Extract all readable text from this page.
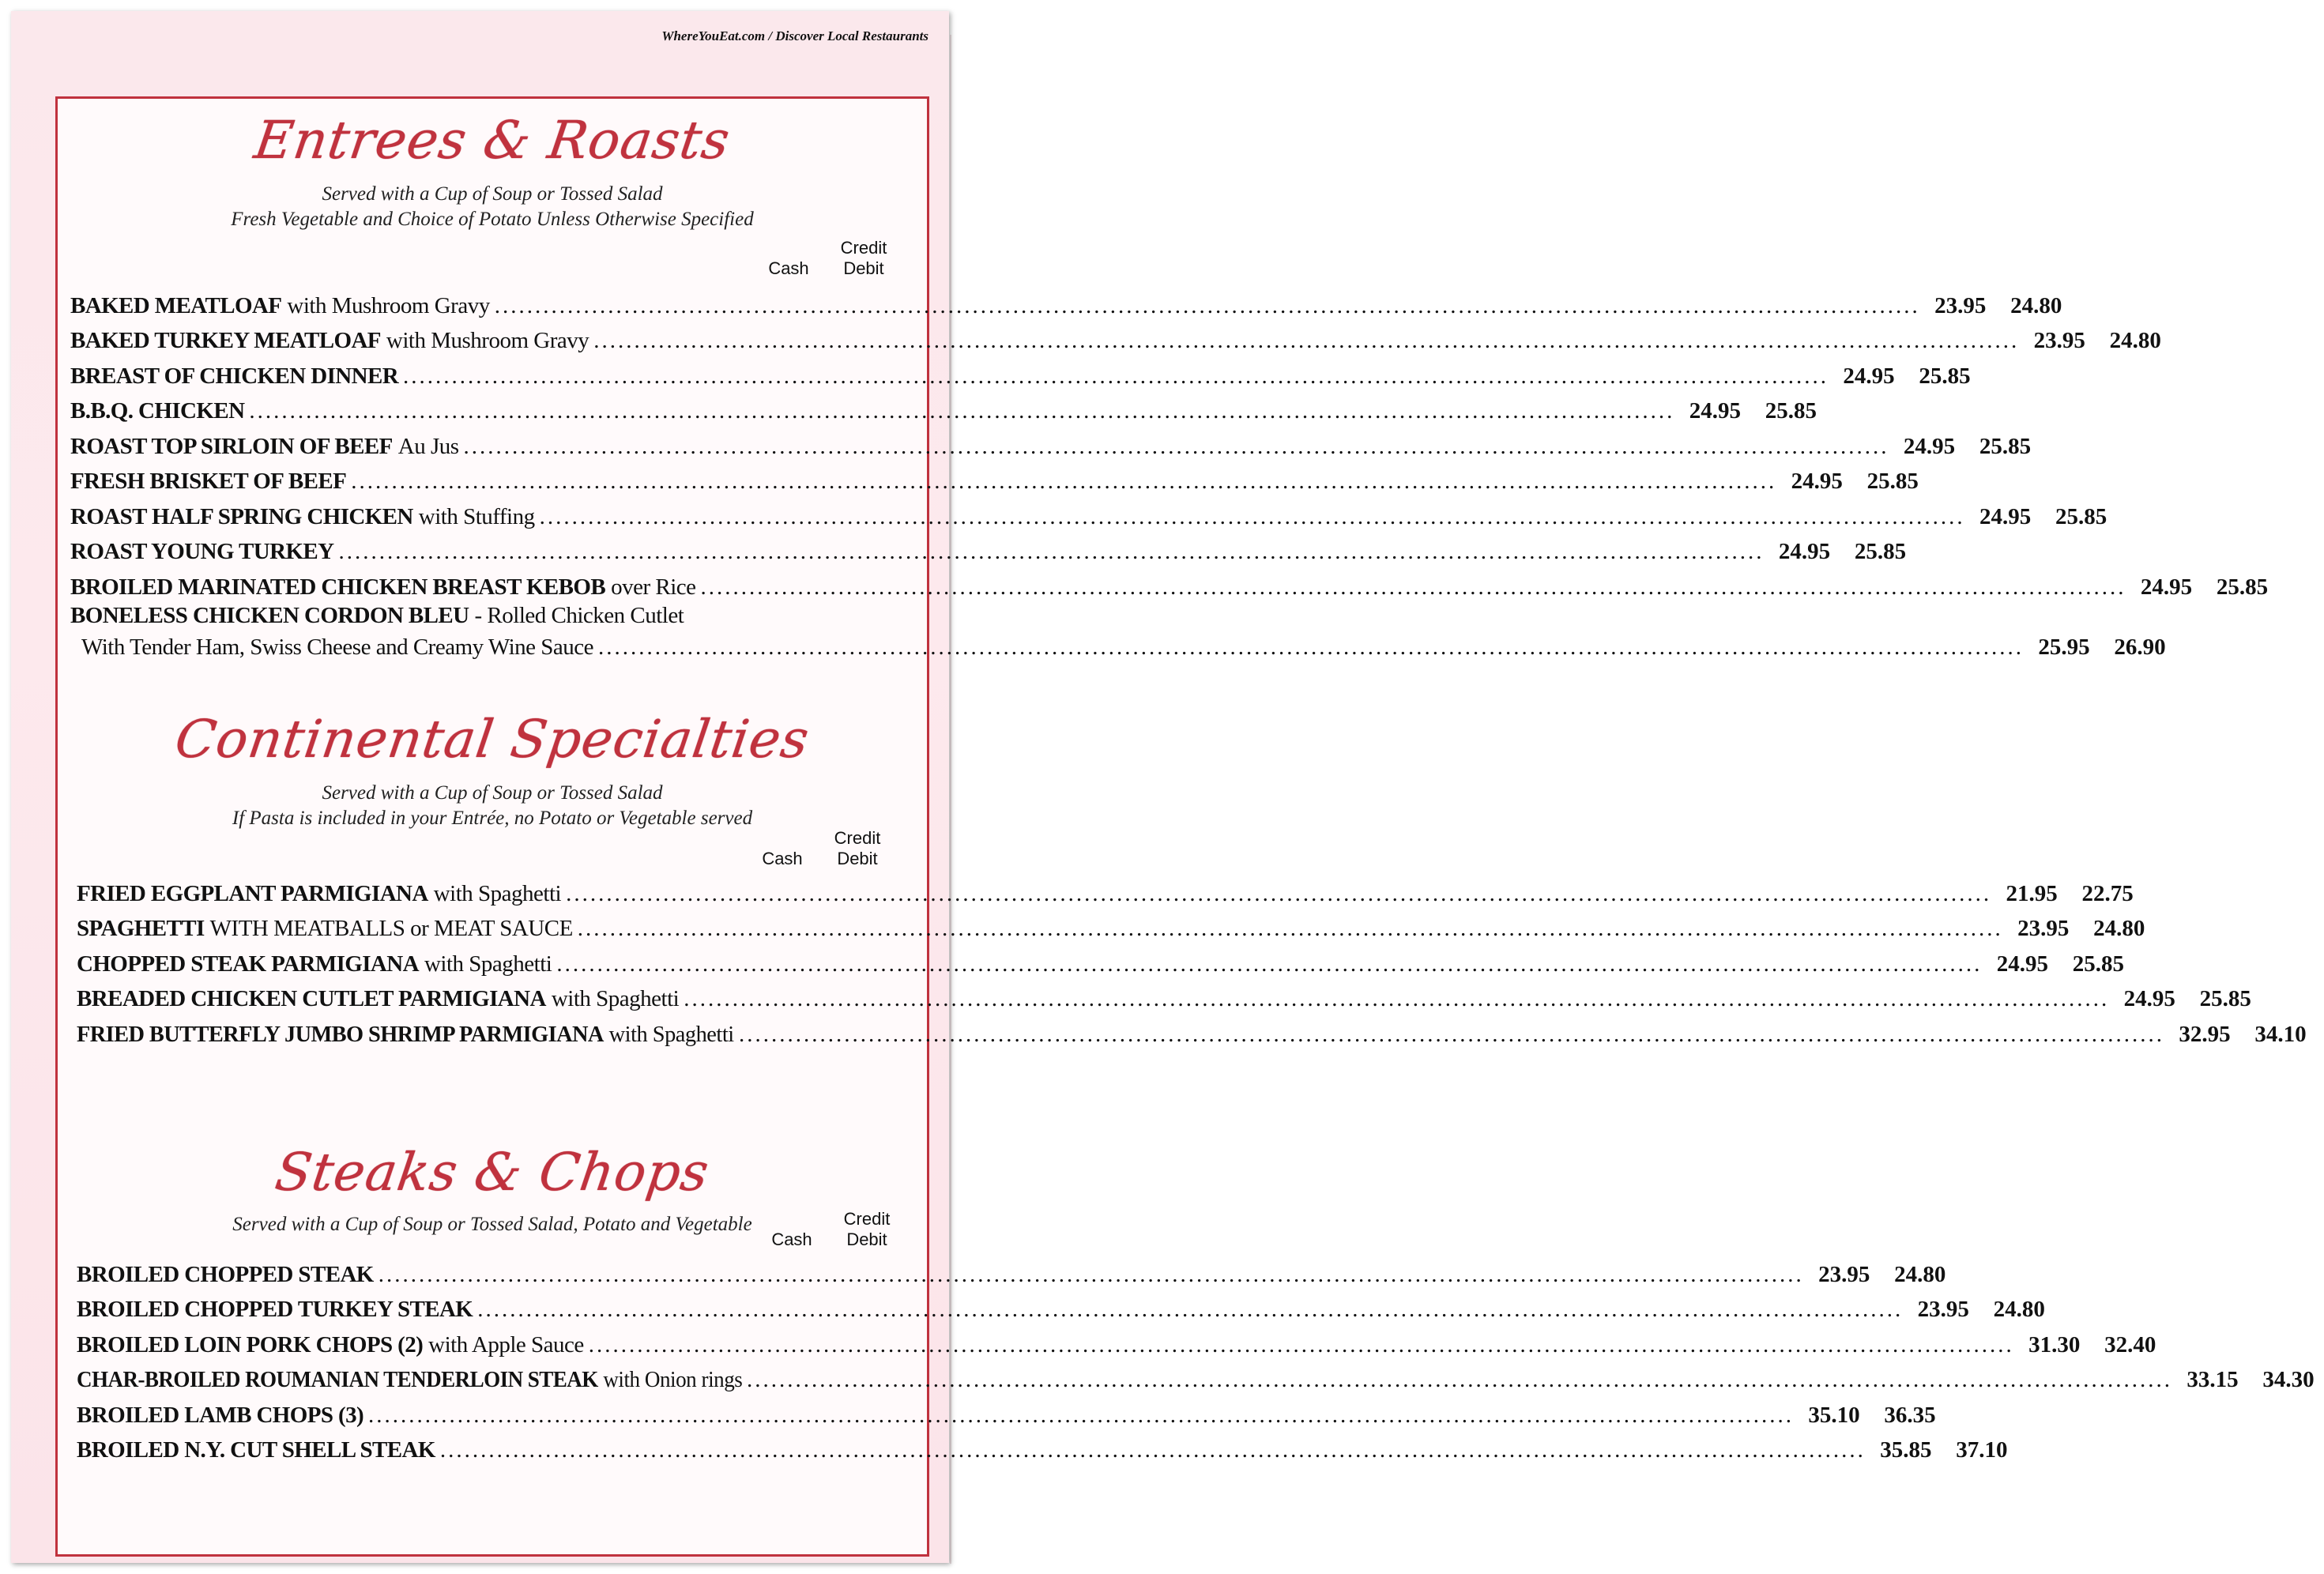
WhereYouEat.com / Discover Local Restaurants
Entrees & Roasts
Served with a Cup of Soup or Tossed Salad
Fresh Vegetable and Choice of Potato Unless Otherwise Specified
Cash
Credit
Debit
BAKED MEATLOAF with Mushroom Gravy .....	23.95	24.80
BAKED TURKEY MEATLOAF with Mushroom Gravy .....	23.95	24.80
BREAST OF CHICKEN DINNER .....	24.95	25.85
B.B.Q. CHICKEN .....	24.95	25.85
ROAST TOP SIRLOIN OF BEEF Au Jus .....	24.95	25.85
FRESH BRISKET OF BEEF .....	24.95	25.85
ROAST HALF SPRING CHICKEN with Stuffing .....	24.95	25.85
ROAST YOUNG TURKEY .....	24.95	25.85
BROILED MARINATED CHICKEN BREAST KEBOB over Rice .....	24.95	25.85
BONELESS CHICKEN CORDON BLEU - Rolled Chicken Cutlet
With Tender Ham, Swiss Cheese and Creamy Wine Sauce .....	25.95	26.90
Continental Specialties
Served with a Cup of Soup or Tossed Salad
If Pasta is included in your Entrée, no Potato or Vegetable served
Cash
Credit
Debit
FRIED EGGPLANT PARMIGIANA with Spaghetti .....	21.95	22.75
SPAGHETTI WITH MEATBALLS or MEAT SAUCE .....	23.95	24.80
CHOPPED STEAK PARMIGIANA with Spaghetti .....	24.95	25.85
BREADED CHICKEN CUTLET PARMIGIANA with Spaghetti .....	24.95	25.85
FRIED BUTTERFLY JUMBO SHRIMP PARMIGIANA with Spaghetti .....	32.95	34.10
Steaks & Chops
Served with a Cup of Soup or Tossed Salad, Potato and Vegetable
Cash
Credit
Debit
BROILED CHOPPED STEAK .....	23.95	24.80
BROILED CHOPPED TURKEY STEAK .....	23.95	24.80
BROILED LOIN PORK CHOPS (2) with Apple Sauce .....	31.30	32.40
CHAR-BROILED ROUMANIAN TENDERLOIN STEAK with Onion rings .....	33.15	34.30
BROILED LAMB CHOPS (3) .....	35.10	36.35
BROILED N.Y. CUT SHELL STEAK .....	35.85	37.10
